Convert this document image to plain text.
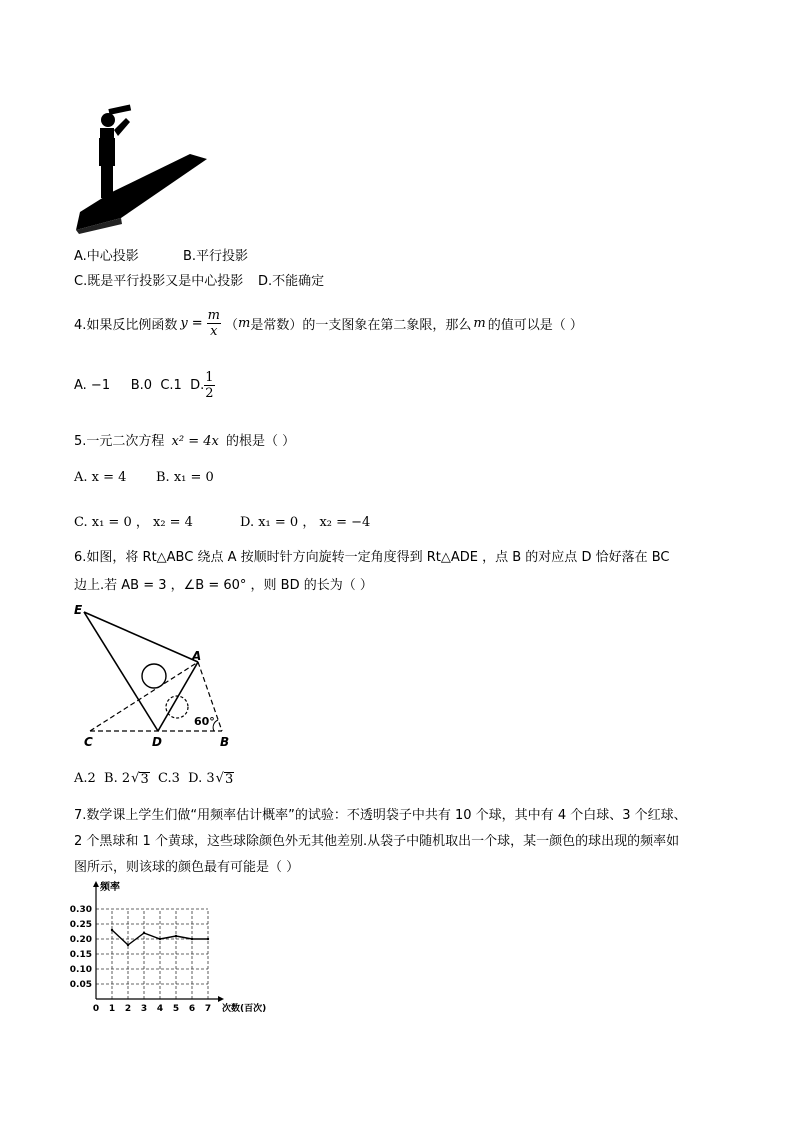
A.中心投影	B.平行投影
C.既是平行投影又是中心投影 D.不能确定
4.如果反比例函数 $y = \frac{m}{x}$ （ m 是常数）的一支图象在第二象限，那么 m 的值可以是（ ）
A. −1     B.0  C.1  D. $\frac{1}{2}$
5.一元二次方程 x² = 4x 的根是（ ）
A. x = 4 B. x₁ = 0
C. x₁ = 0 ， x₂ = 4	D. x₁ = 0 ， x₂ = −4
6.如图，将 Rt△ABC 绕点 A 按顺时针方向旋转一定角度得到 Rt△ADE ，点 B 的对应点 D 恰好落在 BC
边上.若 AB = 3 ，∠B = 60° ，则 BD 的长为（ ）
E
A
C	D	B
60°
A.2  B. 2 √ 3 C.3  D. 3 √ 3
7.数学课上学生们做“用频率估计概率”的试验：不透明袋子中共有 10 个球，其中有 4 个白球、3 个红球、
2 个黑球和 1 个黄球，这些球除颜色外无其他差别.从袋子中随机取出一个球，某一颜色的球出现的频率如
图所示，则该球的颜色最有可能是（ ）
0.05
0.10
0.15
0.20
0.25
0.30
0 1 2 3 4 5 6 7
频率
次数(百次)
